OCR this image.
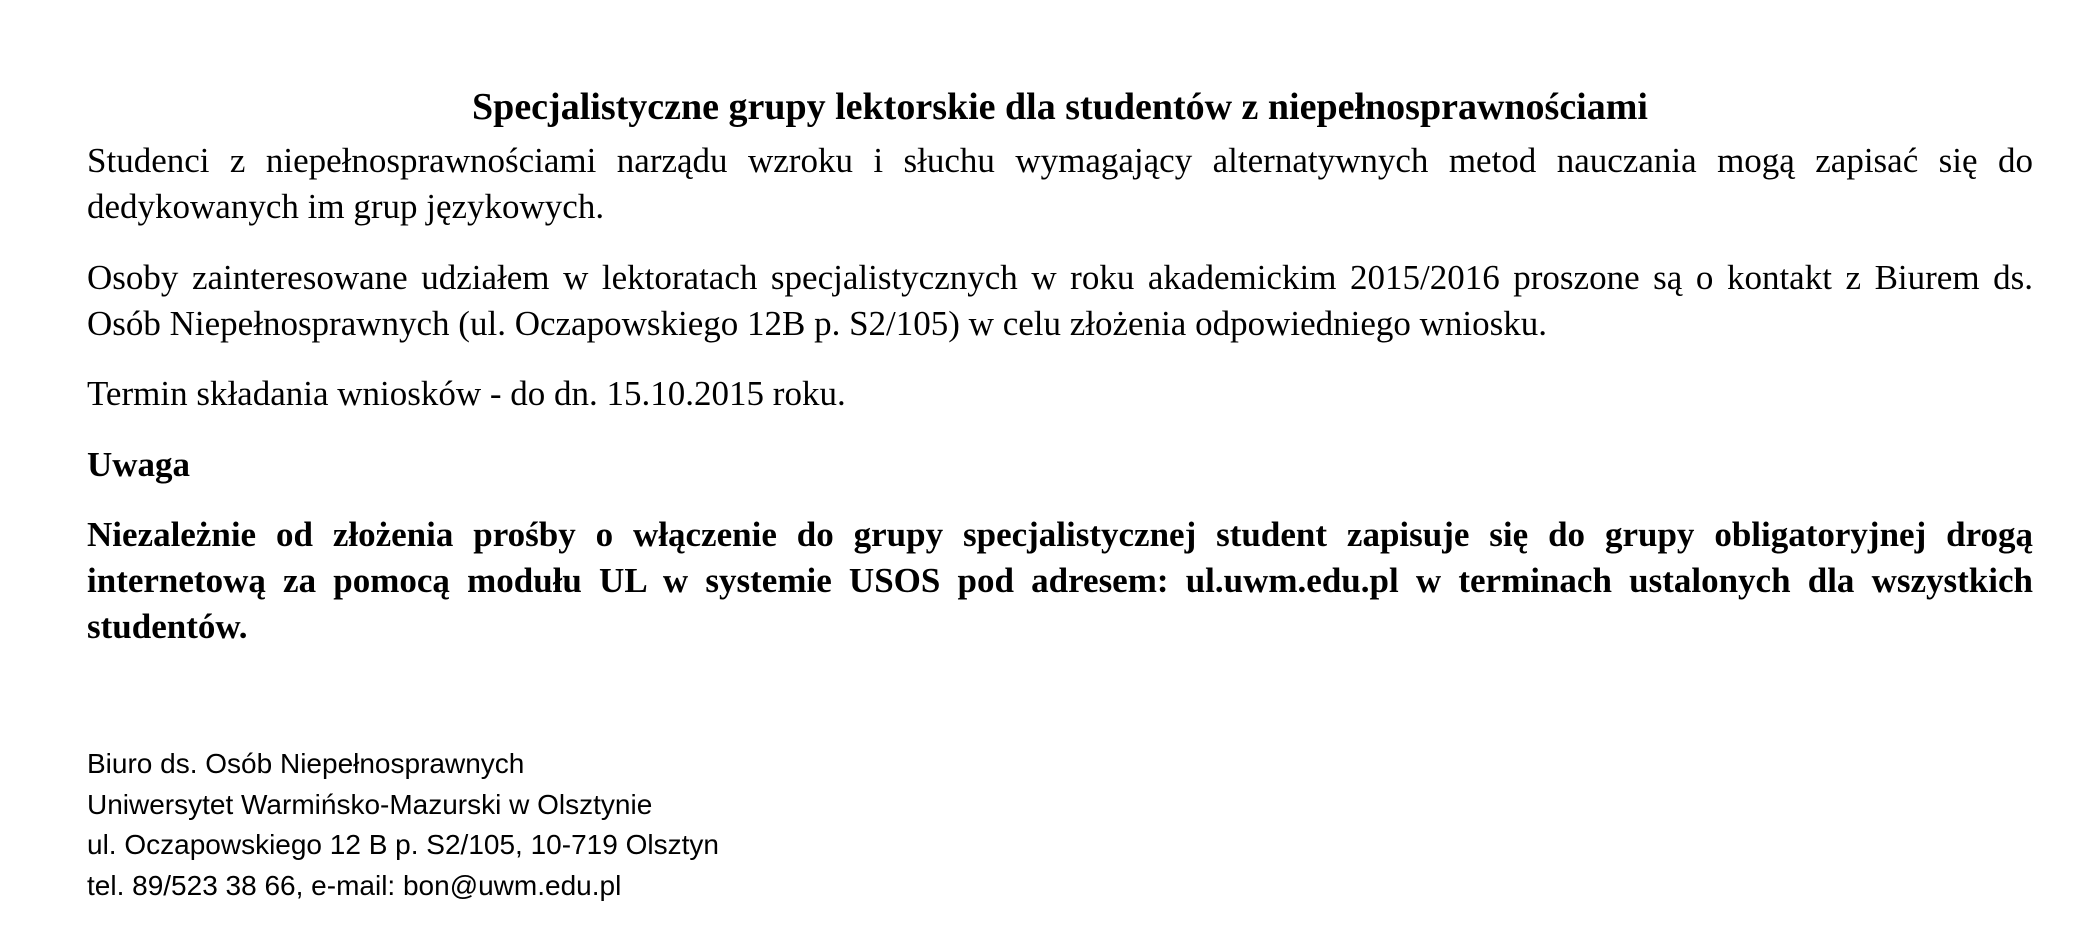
Specjalistyczne grupy lektorskie dla studentów z niepełnosprawnościami

Studenci z niepełnosprawnościami narządu wzroku i słuchu wymagający alternatywnych metod nauczania mogą zapisać się do dedykowanych im grup językowych.

Osoby zainteresowane udziałem w lektoratach specjalistycznych w roku akademickim 2015/2016 proszone są o kontakt z Biurem ds. Osób Niepełnosprawnych (ul. Oczapowskiego 12B p. S2/105) w celu złożenia odpowiedniego wniosku.

Termin składania wniosków - do dn. 15.10.2015 roku.

Uwaga

Niezależnie od złożenia prośby o włączenie do grupy specjalistycznej student zapisuje się do grupy obligatoryjnej drogą internetową za pomocą modułu UL w systemie USOS pod adresem: ul.uwm.edu.pl w terminach ustalonych dla wszystkich studentów.

Biuro ds. Osób Niepełnosprawnych
Uniwersytet Warmińsko-Mazurski w Olsztynie
ul. Oczapowskiego 12 B p. S2/105, 10-719 Olsztyn
tel. 89/523 38 66, e-mail: bon@uwm.edu.pl
